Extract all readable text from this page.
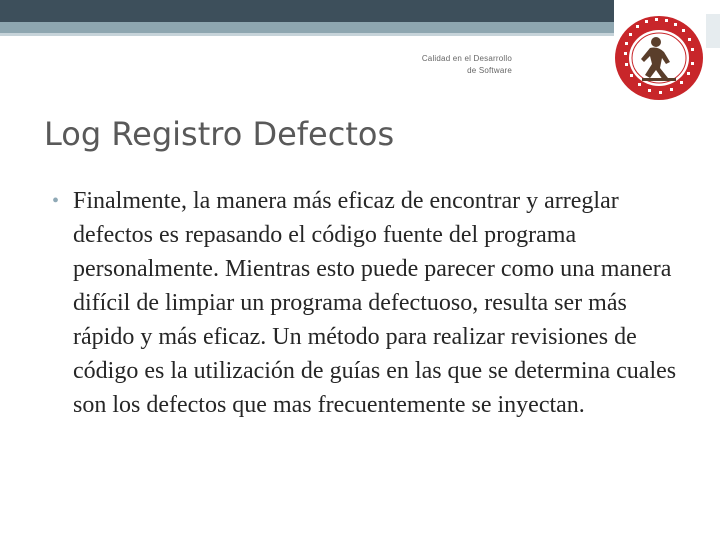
Calidad en el Desarrollo
de Software
Log Registro Defectos
• Finalmente, la manera más eficaz de encontrar y arreglar defectos es repasando el código fuente del programa personalmente. Mientras esto puede parecer como una manera difícil de limpiar un programa defectuoso, resulta ser más rápido y más eficaz. Un método para realizar revisiones de código es la utilización de guías en las que se determina cuales son los defectos que mas frecuentemente se inyectan.
